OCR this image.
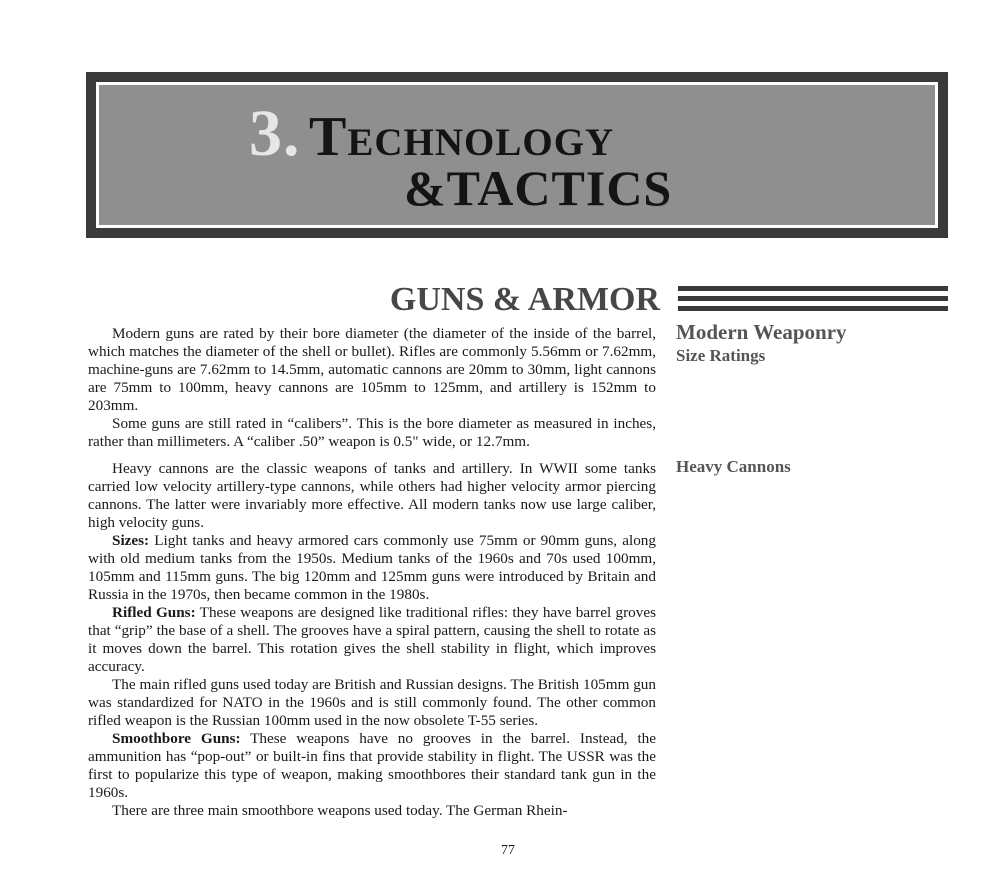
3. Technology
&TACTICS
GUNS & ARMOR
Modern Weaponry
Size Ratings
Heavy Cannons

Modern guns are rated by their bore diameter (the diameter of the inside of the barrel, which matches the diameter of the shell or bullet). Rifles are commonly 5.56mm or 7.62mm, machine-guns are 7.62mm to 14.5mm, automatic cannons are 20mm to 30mm, light cannons are 75mm to 100mm, heavy cannons are 105mm to 125mm, and artillery is 152mm to 203mm.

Some guns are still rated in “calibers”. This is the bore diameter as measured in inches, rather than millimeters. A “caliber .50” weapon is 0.5" wide, or 12.7mm.

Heavy cannons are the classic weapons of tanks and artillery. In WWII some tanks carried low velocity artillery-type cannons, while others had higher velocity armor piercing cannons. The latter were invariably more effective. All modern tanks now use large caliber, high velocity guns.

Sizes: Light tanks and heavy armored cars commonly use 75mm or 90mm guns, along with old medium tanks from the 1950s. Medium tanks of the 1960s and 70s used 100mm, 105mm and 115mm guns. The big 120mm and 125mm guns were introduced by Britain and Russia in the 1970s, then became common in the 1980s.

Rifled Guns: These weapons are designed like traditional rifles: they have barrel groves that “grip” the base of a shell. The grooves have a spiral pattern, causing the shell to rotate as it moves down the barrel. This rotation gives the shell stability in flight, which improves accuracy.

The main rifled guns used today are British and Russian designs. The British 105mm gun was standardized for NATO in the 1960s and is still commonly found. The other common rifled weapon is the Russian 100mm used in the now obsolete T-55 series.

Smoothbore Guns: These weapons have no grooves in the barrel. Instead, the ammunition has “pop-out” or built-in fins that provide stability in flight. The USSR was the first to popularize this type of weapon, making smoothbores their standard tank gun in the 1960s.

There are three main smoothbore weapons used today. The German Rhein-

77
